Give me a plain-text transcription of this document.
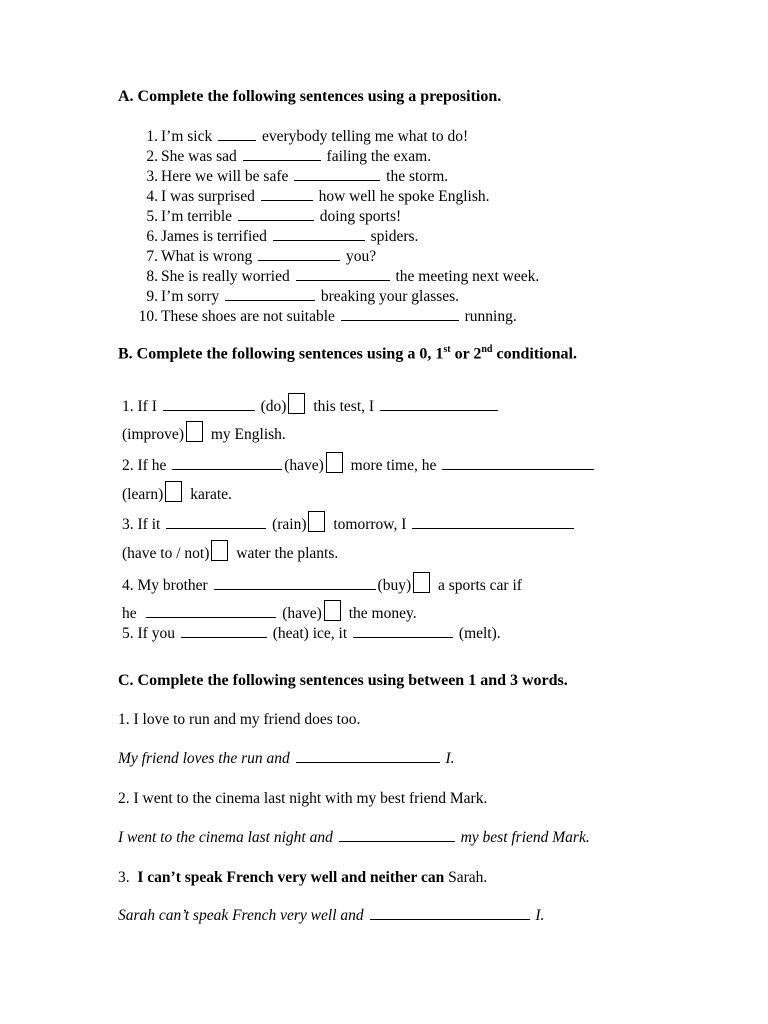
A. Complete the following sentences using a preposition.
1. I’m sick	everybody telling me what to do!
2. She was sad	failing the exam.
3. Here we will be safe	the storm.
4. I was surprised	how well he spoke English.
5. I’m terrible	doing sports!
6. James is terrified	spiders.
7. What is wrong	you?
8. She is really worried	the meeting next week.
9. I’m sorry	breaking your glasses.
10. These shoes are not suitable	running.
B. Complete the following sentences using a 0, 1st or 2nd conditional.
1. If I	(do) this test, I
(improve) my English.
2. If he	(have) more time, he
(learn) karate.
3. If it	(rain) tomorrow, I
(have to / not) water the plants.
4. My brother	(buy) a sports car if
he	(have) the money.
5. If you	(heat) ice, it	(melt).
C. Complete the following sentences using between 1 and 3 words.
1. I love to run and my friend does too.
My friend loves the run and	I.
2. I went to the cinema last night with my best friend Mark.
I went to the cinema last night and	my best friend Mark.
3. I can’t speak French very well and neither can Sarah.
Sarah can’t speak French very well and	I.
